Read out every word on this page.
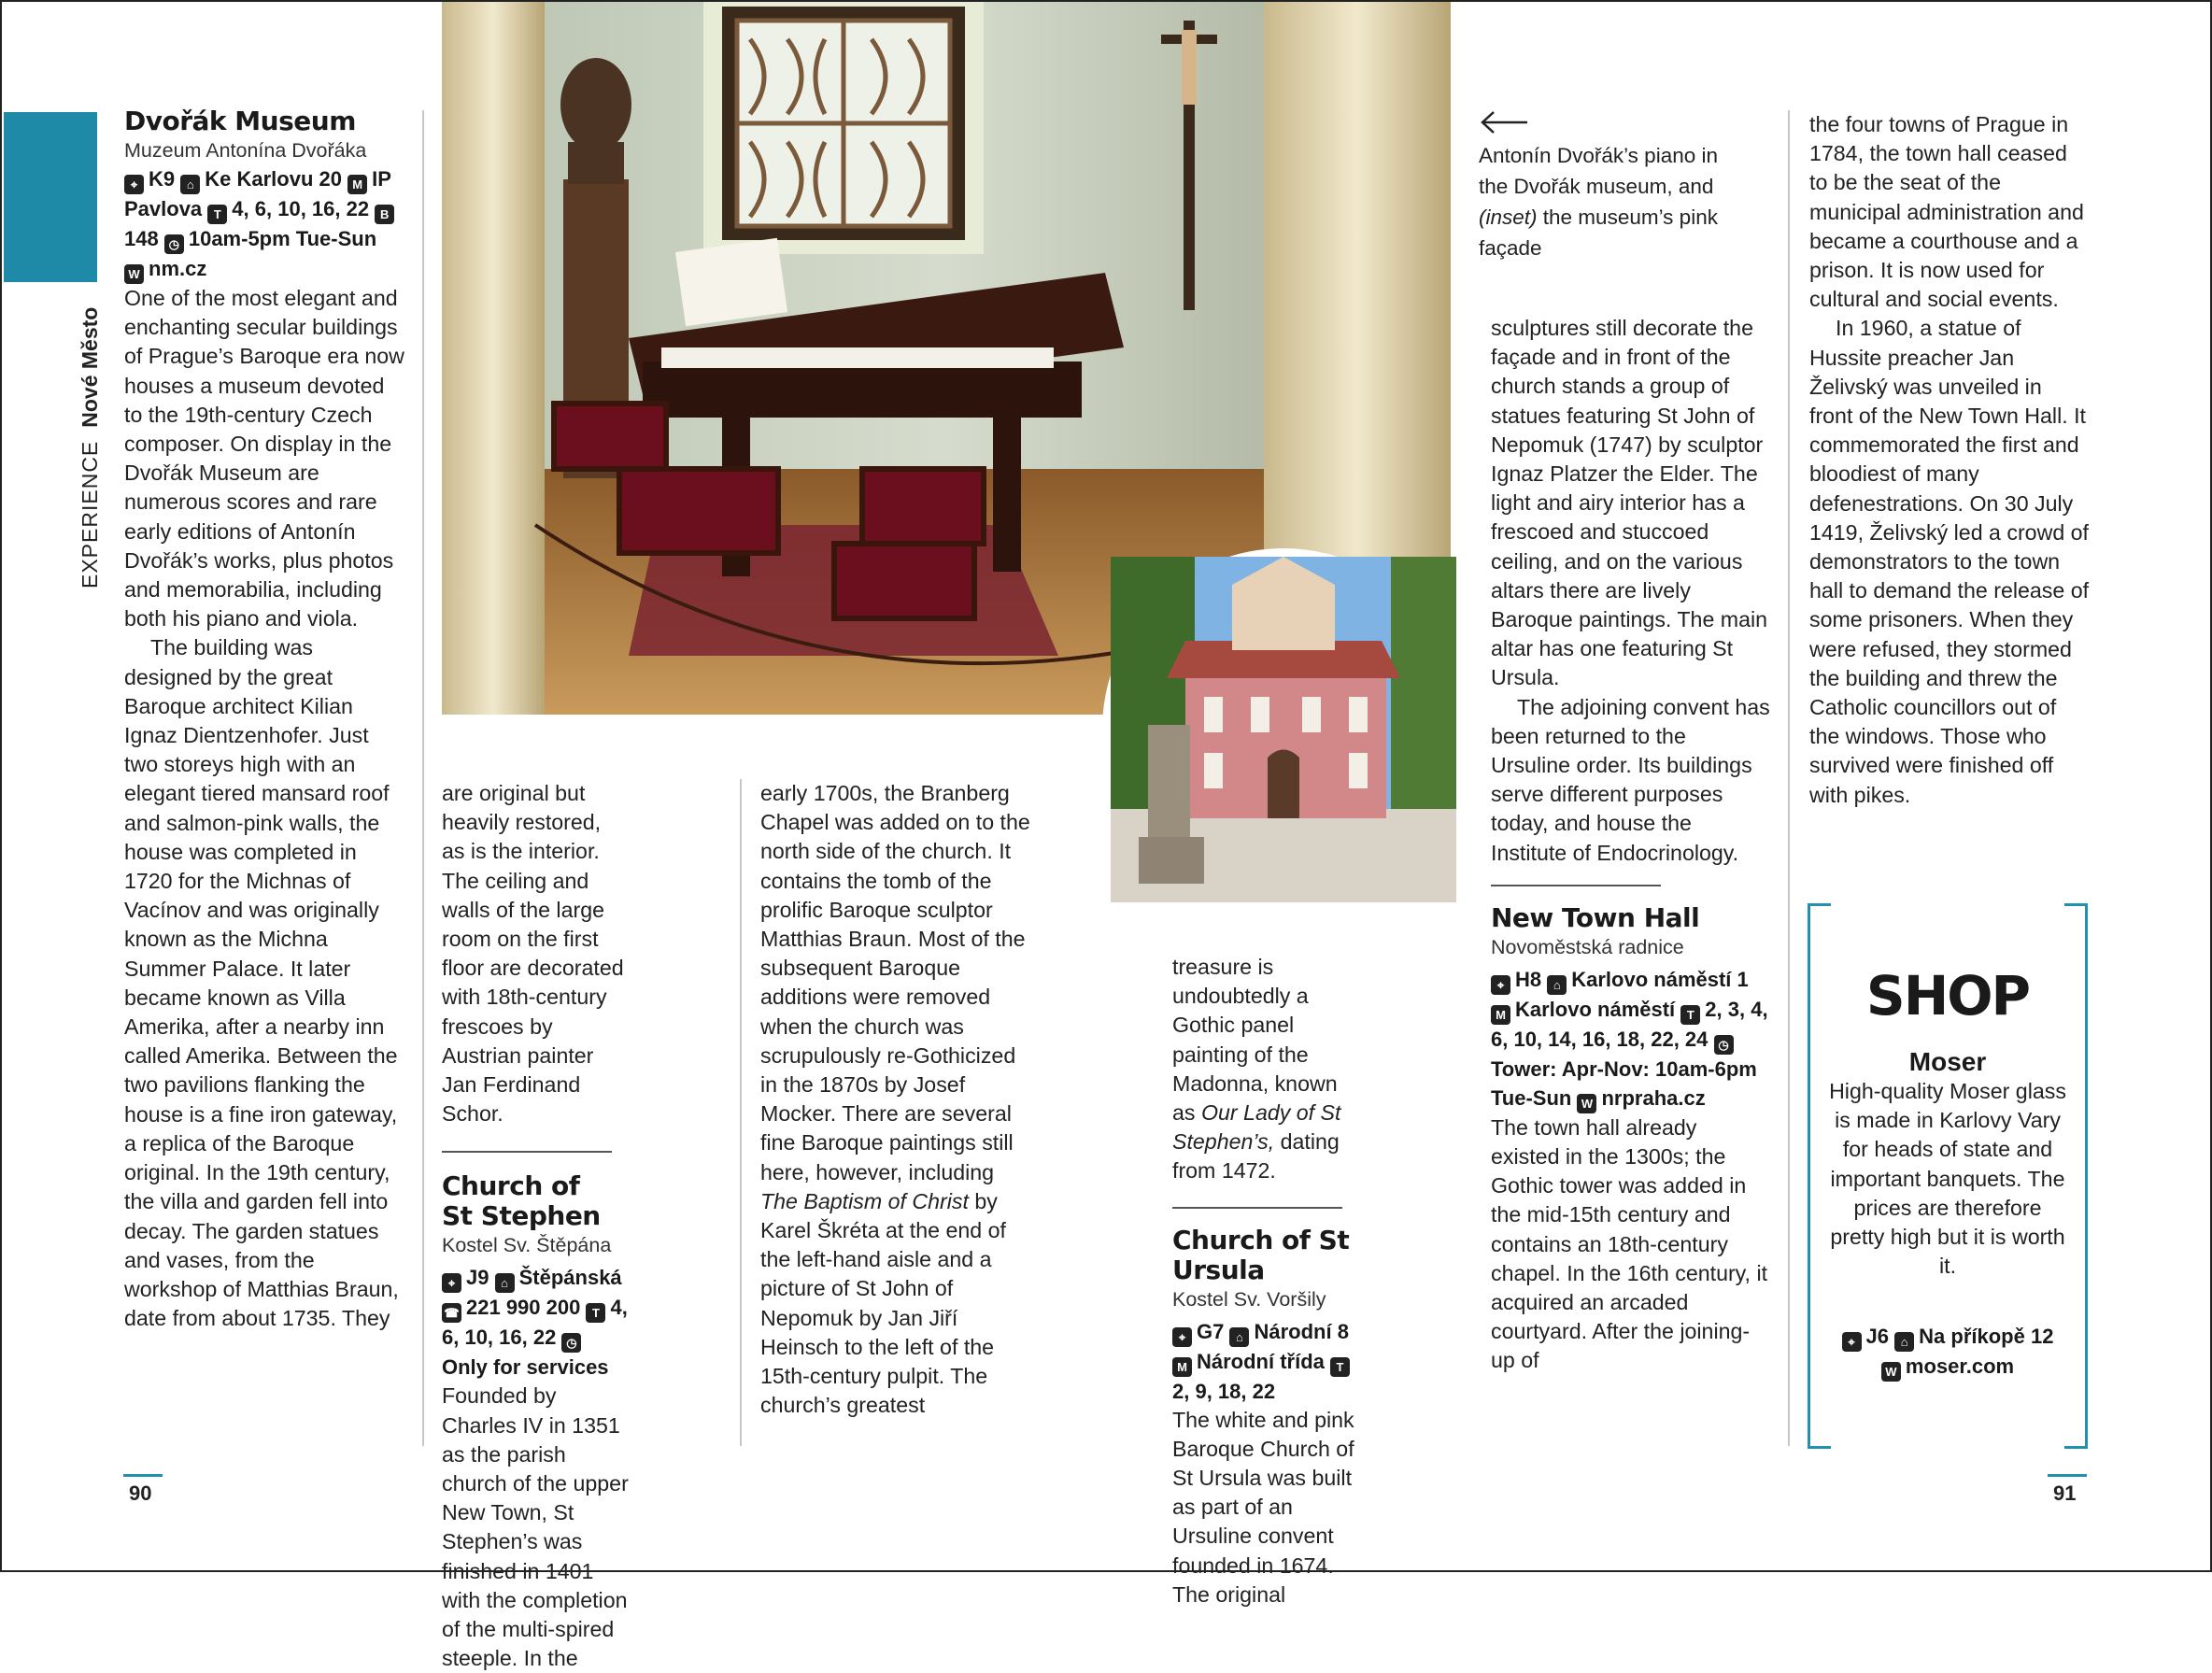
EXPERIENCENové Město
Dvořák Museum
Muzeum Antonína Dvořáka
⌖ K9 ⌂ Ke Karlovu 20 M IP Pavlova T 4, 6, 10, 16, 22 B148 ◷ 10am-5pm Tue-Sun W nm.cz

One of the most elegant and enchanting secular buildings of Prague’s Baroque era now houses a museum devoted to the 19th-century Czech composer. On display in the Dvořák Museum are numerous scores and rare early editions of Antonín Dvořák’s works, plus photos and memorabilia, including both his piano and viola.

The building was designed by the great Baroque architect Kilian Ignaz Dientzenhofer. Just two storeys high with an elegant tiered mansard roof and salmon-pink walls, the house was completed in 1720 for the Michnas of Vacínov and was originally known as the Michna Summer Palace. It later became known as Villa Amerika, after a nearby inn called Amerika. Between the two pavilions flanking the house is a fine iron gateway, a replica of the Baroque original. In the 19th century, the villa and garden fell into decay. The garden statues and vases, from the workshop of Matthias Braun, date from about 1735. They

are original but heavily restored, as is the interior. The ceiling and walls of the large room on the first floor are decorated with 18th-century frescoes by Austrian painter Jan Ferdinand Schor.

Church of
St Stephen
Kostel Sv. Štěpána
⌖ J9 ⌂ Štěpánská ☎ 221 990 200 T 4, 6, 10, 16, 22 ◷Only for services

Founded by Charles IV in 1351 as the parish church of the upper New Town, St Stephen’s was finished in 1401 with the completion of the multi-spired steeple. In the

early 1700s, the Branberg Chapel was added on to the north side of the church. It contains the tomb of the prolific Baroque sculptor Matthias Braun. Most of the subsequent Baroque additions were removed when the church was scrupulously re-Gothicized in the 1870s by Josef Mocker. There are several fine Baroque paintings still here, however, including The Baptism of Christ by Karel Škréta at the end of the left-hand aisle and a picture of St John of Nepomuk by Jan Jiří Heinsch to the left of the 15th-century pulpit. The church’s greatest

treasure is undoubtedly a Gothic panel painting of the Madonna, known as Our Lady of St Stephen’s, dating from 1472.

Church of St Ursula
Kostel Sv. Voršily
⌖ G7 ⌂ Národní 8 M Národní třída T2, 9, 18, 22

The white and pink Baroque Church of St Ursula was built as part of an Ursuline convent founded in 1674. The original

Antonín Dvořák’s piano in the Dvořák museum, and (inset) the museum’s pink façade

sculptures still decorate the façade and in front of the church stands a group of statues featuring St John of Nepomuk (1747) by sculptor Ignaz Platzer the Elder. The light and airy interior has a frescoed and stuccoed ceiling, and on the various altars there are lively Baroque paintings. The main altar has one featuring St Ursula.

The adjoining convent has been returned to the Ursuline order. Its buildings serve different purposes today, and house the Institute of Endocrinology.

New Town Hall
Novoměstská radnice
⌖ H8 ⌂ Karlovo náměstí 1 M Karlovo náměstí T 2, 3, 4, 6, 10, 14, 16, 18, 22, 24 ◷Tower: Apr-Nov: 10am-6pm Tue-Sun W nrpraha.cz

The town hall already existed in the 1300s; the Gothic tower was added in the mid-15th century and contains an 18th-century chapel. In the 16th century, it acquired an arcaded courtyard. After the joining-up of

the four towns of Prague in 1784, the town hall ceased to be the seat of the municipal administration and became a courthouse and a prison. It is now used for cultural and social events.

In 1960, a statue of Hussite preacher Jan Želivský was unveiled in front of the New Town Hall. It commemorated the first and bloodiest of many defenestrations. On 30 July 1419, Želivský led a crowd of demonstrators to the town hall to demand the release of some prisoners. When they were refused, they stormed the building and threw the Catholic councillors out of the windows. Those who survived were finished off with pikes.

SHOP
Moser
High-quality Moser glass is made in Karlovy Vary for heads of state and important banquets. The prices are therefore pretty high but it is worth it.
⌖ J6 ⌂ Na příkopě 12
W moser.com
90	91
